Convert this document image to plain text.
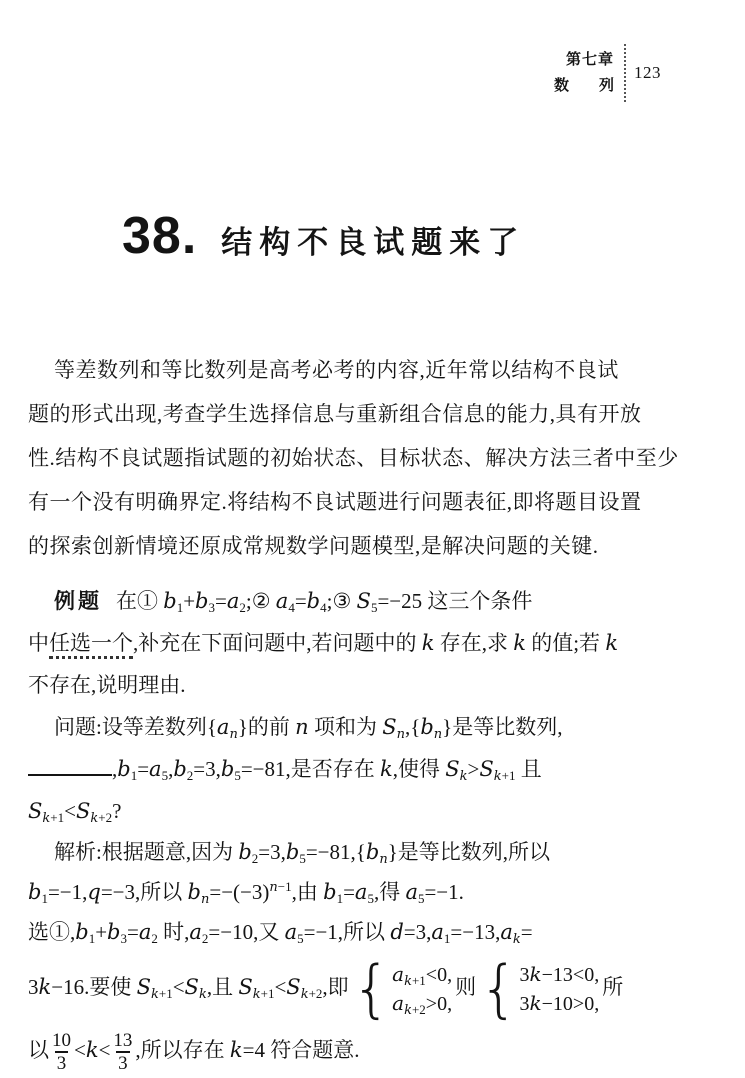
第七章
数 列
123
38. 结构不良试题来了
等差数列和等比数列是高考必考的内容,近年常以结构不良试
题的形式出现,考查学生选择信息与重新组合信息的能力,具有开放
性.结构不良试题指试题的初始状态、目标状态、解决方法三者中至少
有一个没有明确界定.将结构不良试题进行问题表征,即将题目设置
的探索创新情境还原成常规数学问题模型,是解决问题的关键.
例题 在① $b_1+b_3=a_2;②$ $a_4=b_4;③$ $S_5=-25$ 这三个条件
中任选一个,补充在下面问题中,若问题中的 k 存在,求 k 的值;若 k
不存在,说明理由.
问题:设等差数列$\{a_n\}$的前 n 项和为 $S_n,\{b_n\}$是等比数列,
$,b_1=a_5,b_2=3,b_5=-81$,是否存在 k,使得 $S_k>S_{k+1}$ 且
$S_{k+1}<S_{k+2}$?
解析:根据题意,因为 $b_2=3,b_5=-81,\{b_n\}$是等比数列,所以
$b_1=-1,q=-3$,所以 $b_n=-(-3)^{n-1}$,由 $b_1=a_5$,得 $a_5=-1$.
选$①,b_1+b_3=a_2$ 时$,a_2=-10$,又 $a_5=-1$,所以 $d=3,a_1=-13,a_k=$
3k−16.要使 $S_{k+1}<S_k$,且 $S_{k+1}<S_{k+2}$,即 { $a_{k+1}<0$,
$a_{k+2}>0$,
则 { 3k−13<0,
3k−10>0,
所
以 $\frac{10}{3} <k< \frac{13}{3}$ ,所以存在 k=4 符合题意.
